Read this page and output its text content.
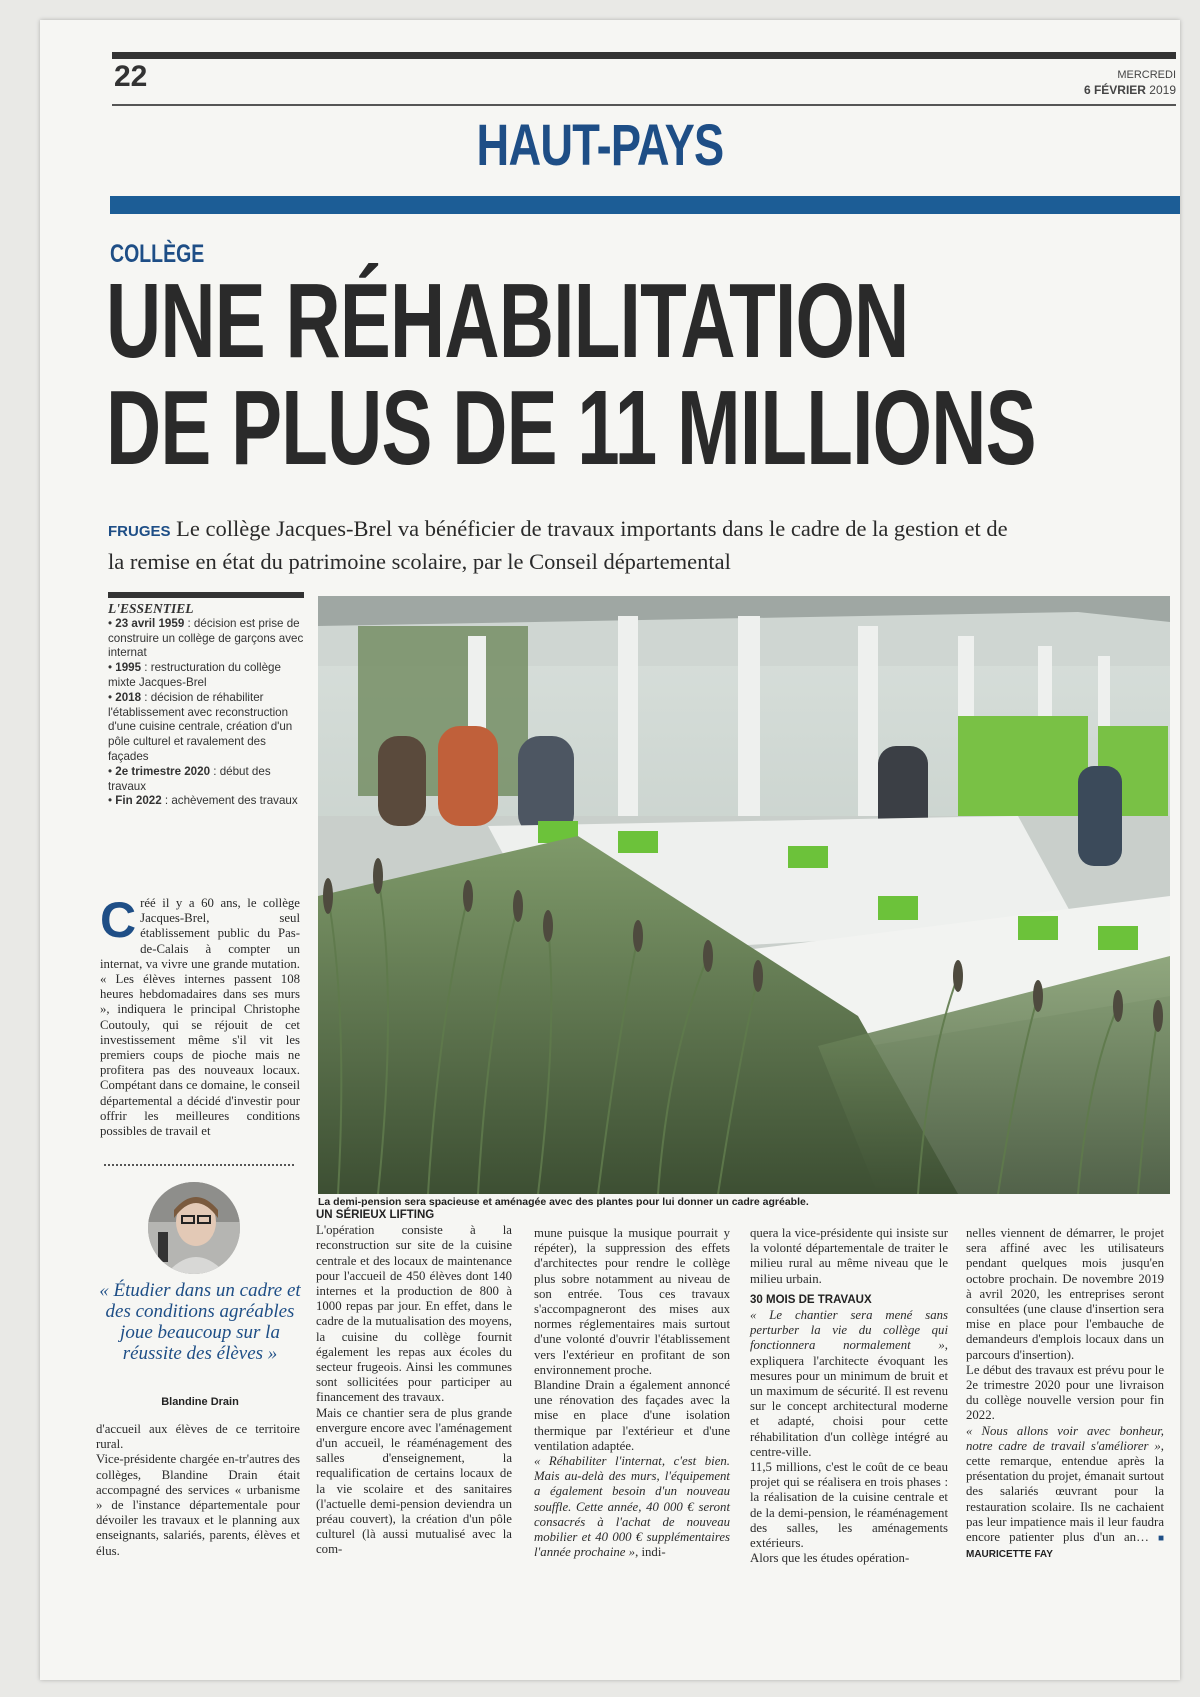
22	MERCREDI
6 FÉVRIER 2019
HAUT-PAYS
COLLÈGE
UNE RÉHABILITATION
DE PLUS DE 11 MILLIONS
FRUGES Le collège Jacques-Brel va bénéficier de travaux importants dans le cadre de la gestion et de la remise en état du patrimoine scolaire, par le Conseil départemental
L'ESSENTIEL
• 23 avril 1959 : décision est prise de construire un collège de garçons avec internat
• 1995 : restructuration du collège mixte Jacques-Brel
• 2018 : décision de réhabiliter l'établissement avec reconstruction d'une cuisine centrale, création d'un pôle culturel et ravalement des façades
• 2e trimestre 2020 : début des travaux
• Fin 2022 : achèvement des travaux
La demi-pension sera spacieuse et aménagée avec des plantes pour lui donner un cadre agréable.
Créé il y a 60 ans, le collège Jacques-Brel, seul établissement public du Pas-de-Calais à compter un internat, va vivre une grande mutation. « Les élèves internes passent 108 heures hebdomadaires dans ses murs », indiquera le principal Christophe Coutouly, qui se réjouit de cet investissement même s'il vit les premiers coups de pioche mais ne profitera pas des nouveaux locaux. Compétant dans ce domaine, le conseil départemental a décidé d'investir pour offrir les meilleures conditions possibles de travail et
« Étudier dans un cadre et des conditions agréables joue beaucoup sur la réussite des élèves »
Blandine Drain
d'accueil aux élèves de ce territoire rural.
Vice-présidente chargée en-tr'autres des collèges, Blandine Drain était accompagné des services « urbanisme » de l'instance départementale pour dévoiler les travaux et le planning aux enseignants, salariés, parents, élèves et élus.
UN SÉRIEUX LIFTING
L'opération consiste à la reconstruction sur site de la cuisine centrale et des locaux de maintenance pour l'accueil de 450 élèves dont 140 internes et la production de 800 à 1000 repas par jour. En effet, dans le cadre de la mutualisation des moyens, la cuisine du collège fournit également les repas aux écoles du secteur frugeois. Ainsi les communes sont sollicitées pour participer au financement des travaux.
Mais ce chantier sera de plus grande envergure encore avec l'aménagement d'un accueil, le réaménagement des salles d'enseignement, la requalification de certains locaux de la vie scolaire et des sanitaires (l'actuelle demi-pension deviendra un préau couvert), la création d'un pôle culturel (là aussi mutualisé avec la com-
mune puisque la musique pourrait y répéter), la suppression des effets d'architectes pour rendre le collège plus sobre notamment au niveau de son entrée. Tous ces travaux s'accompagneront des mises aux normes réglementaires mais surtout d'une volonté d'ouvrir l'établissement vers l'extérieur en profitant de son environnement proche.
Blandine Drain a également annoncé une rénovation des façades avec la mise en place d'une isolation thermique par l'extérieur et d'une ventilation adaptée.
« Réhabiliter l'internat, c'est bien. Mais au-delà des murs, l'équipement a également besoin d'un nouveau souffle. Cette année, 40 000 € seront consacrés à l'achat de nouveau mobilier et 40 000 € supplémentaires l'année prochaine », indi-
quera la vice-présidente qui insiste sur la volonté départementale de traiter le milieu rural au même niveau que le milieu urbain.
30 MOIS DE TRAVAUX
« Le chantier sera mené sans perturber la vie du collège qui fonctionnera normalement », expliquera l'architecte évoquant les mesures pour un minimum de bruit et un maximum de sécurité. Il est revenu sur le concept architectural moderne et adapté, choisi pour cette réhabilitation d'un collège intégré au centre-ville.
11,5 millions, c'est le coût de ce beau projet qui se réalisera en trois phases : la réalisation de la cuisine centrale et de la demi-pension, le réaménagement des salles, les aménagements extérieurs.
Alors que les études opération-
nelles viennent de démarrer, le projet sera affiné avec les utilisateurs pendant quelques mois jusqu'en octobre prochain. De novembre 2019 à avril 2020, les entreprises seront consultées (une clause d'insertion sera mise en place pour l'embauche de demandeurs d'emplois locaux dans un parcours d'insertion).
Le début des travaux est prévu pour le 2e trimestre 2020 pour une livraison du collège nouvelle version pour fin 2022.
« Nous allons voir avec bonheur, notre cadre de travail s'améliorer », cette remarque, entendue après la présentation du projet, émanait surtout des salariés œuvrant pour la restauration scolaire. Ils ne cachaient pas leur impatience mais il leur faudra encore patienter plus d'un an… ■ MAURICETTE FAY
